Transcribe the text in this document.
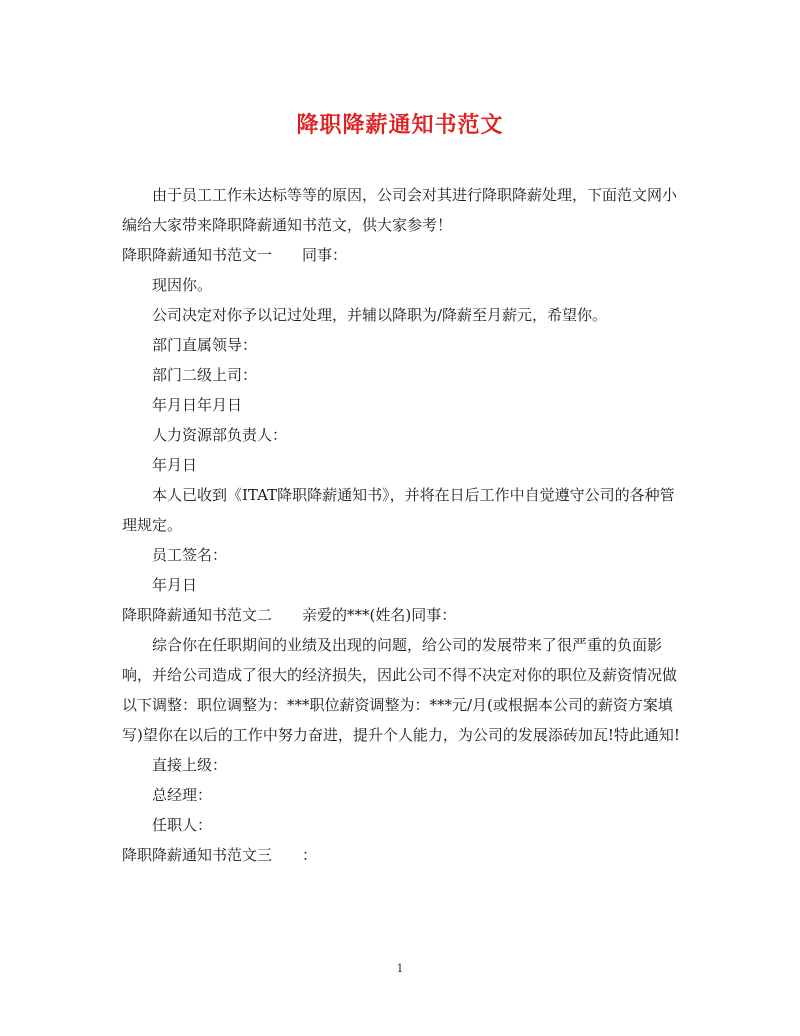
降职降薪通知书范文

由于员工工作未达标等等的原因，公司会对其进行降职降薪处理，下面范文网小编给大家带来降职降薪通知书范文，供大家参考！

降职降薪通知书范文一　　同事：

现因你。

公司决定对你予以记过处理，并辅以降职为/降薪至月薪元，希望你。

部门直属领导：

部门二级上司：

年月日年月日

人力资源部负责人：

年月日

本人已收到《ITAT降职降薪通知书》，并将在日后工作中自觉遵守公司的各种管理规定。

员工签名：

年月日

降职降薪通知书范文二　　亲爱的***(姓名)同事：

综合你在任职期间的业绩及出现的问题，给公司的发展带来了很严重的负面影响，并给公司造成了很大的经济损失，因此公司不得不决定对你的职位及薪资情况做以下调整：职位调整为：***职位薪资调整为：***元/月(或根据本公司的薪资方案填写)望你在以后的工作中努力奋进，提升个人能力，为公司的发展添砖加瓦!特此通知!

直接上级：

总经理：

任职人：

降职降薪通知书范文三　　：

1
